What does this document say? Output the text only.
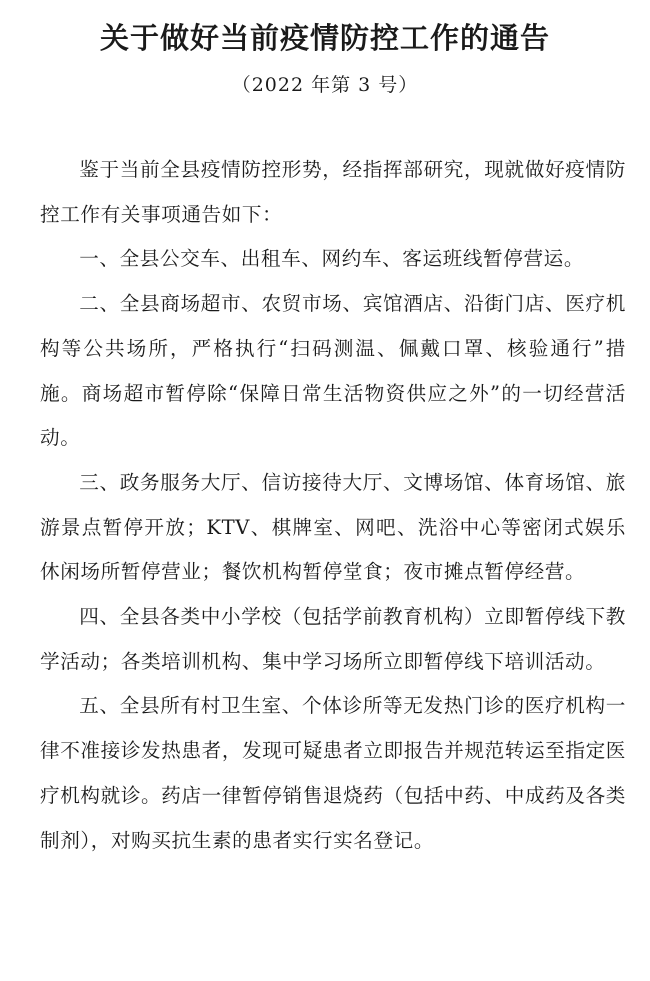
关于做好当前疫情防控工作的通告
（2022 年第 3 号）

鉴于当前全县疫情防控形势，经指挥部研究，现就做好疫情防控工作有关事项通告如下：

一、全县公交车、出租车、网约车、客运班线暂停营运。

二、全县商场超市、农贸市场、宾馆酒店、沿街门店、医疗机构等公共场所，严格执行“扫码测温、佩戴口罩、核验通行”措施。商场超市暂停除“保障日常生活物资供应之外”的一切经营活动。

三、政务服务大厅、信访接待大厅、文博场馆、体育场馆、旅游景点暂停开放；KTV、棋牌室、网吧、洗浴中心等密闭式娱乐休闲场所暂停营业；餐饮机构暂停堂食；夜市摊点暂停经营。

四、全县各类中小学校（包括学前教育机构）立即暂停线下教学活动；各类培训机构、集中学习场所立即暂停线下培训活动。

五、全县所有村卫生室、个体诊所等无发热门诊的医疗机构一律不准接诊发热患者，发现可疑患者立即报告并规范转运至指定医疗机构就诊。药店一律暂停销售退烧药（包括中药、中成药及各类制剂），对购买抗生素的患者实行实名登记。
